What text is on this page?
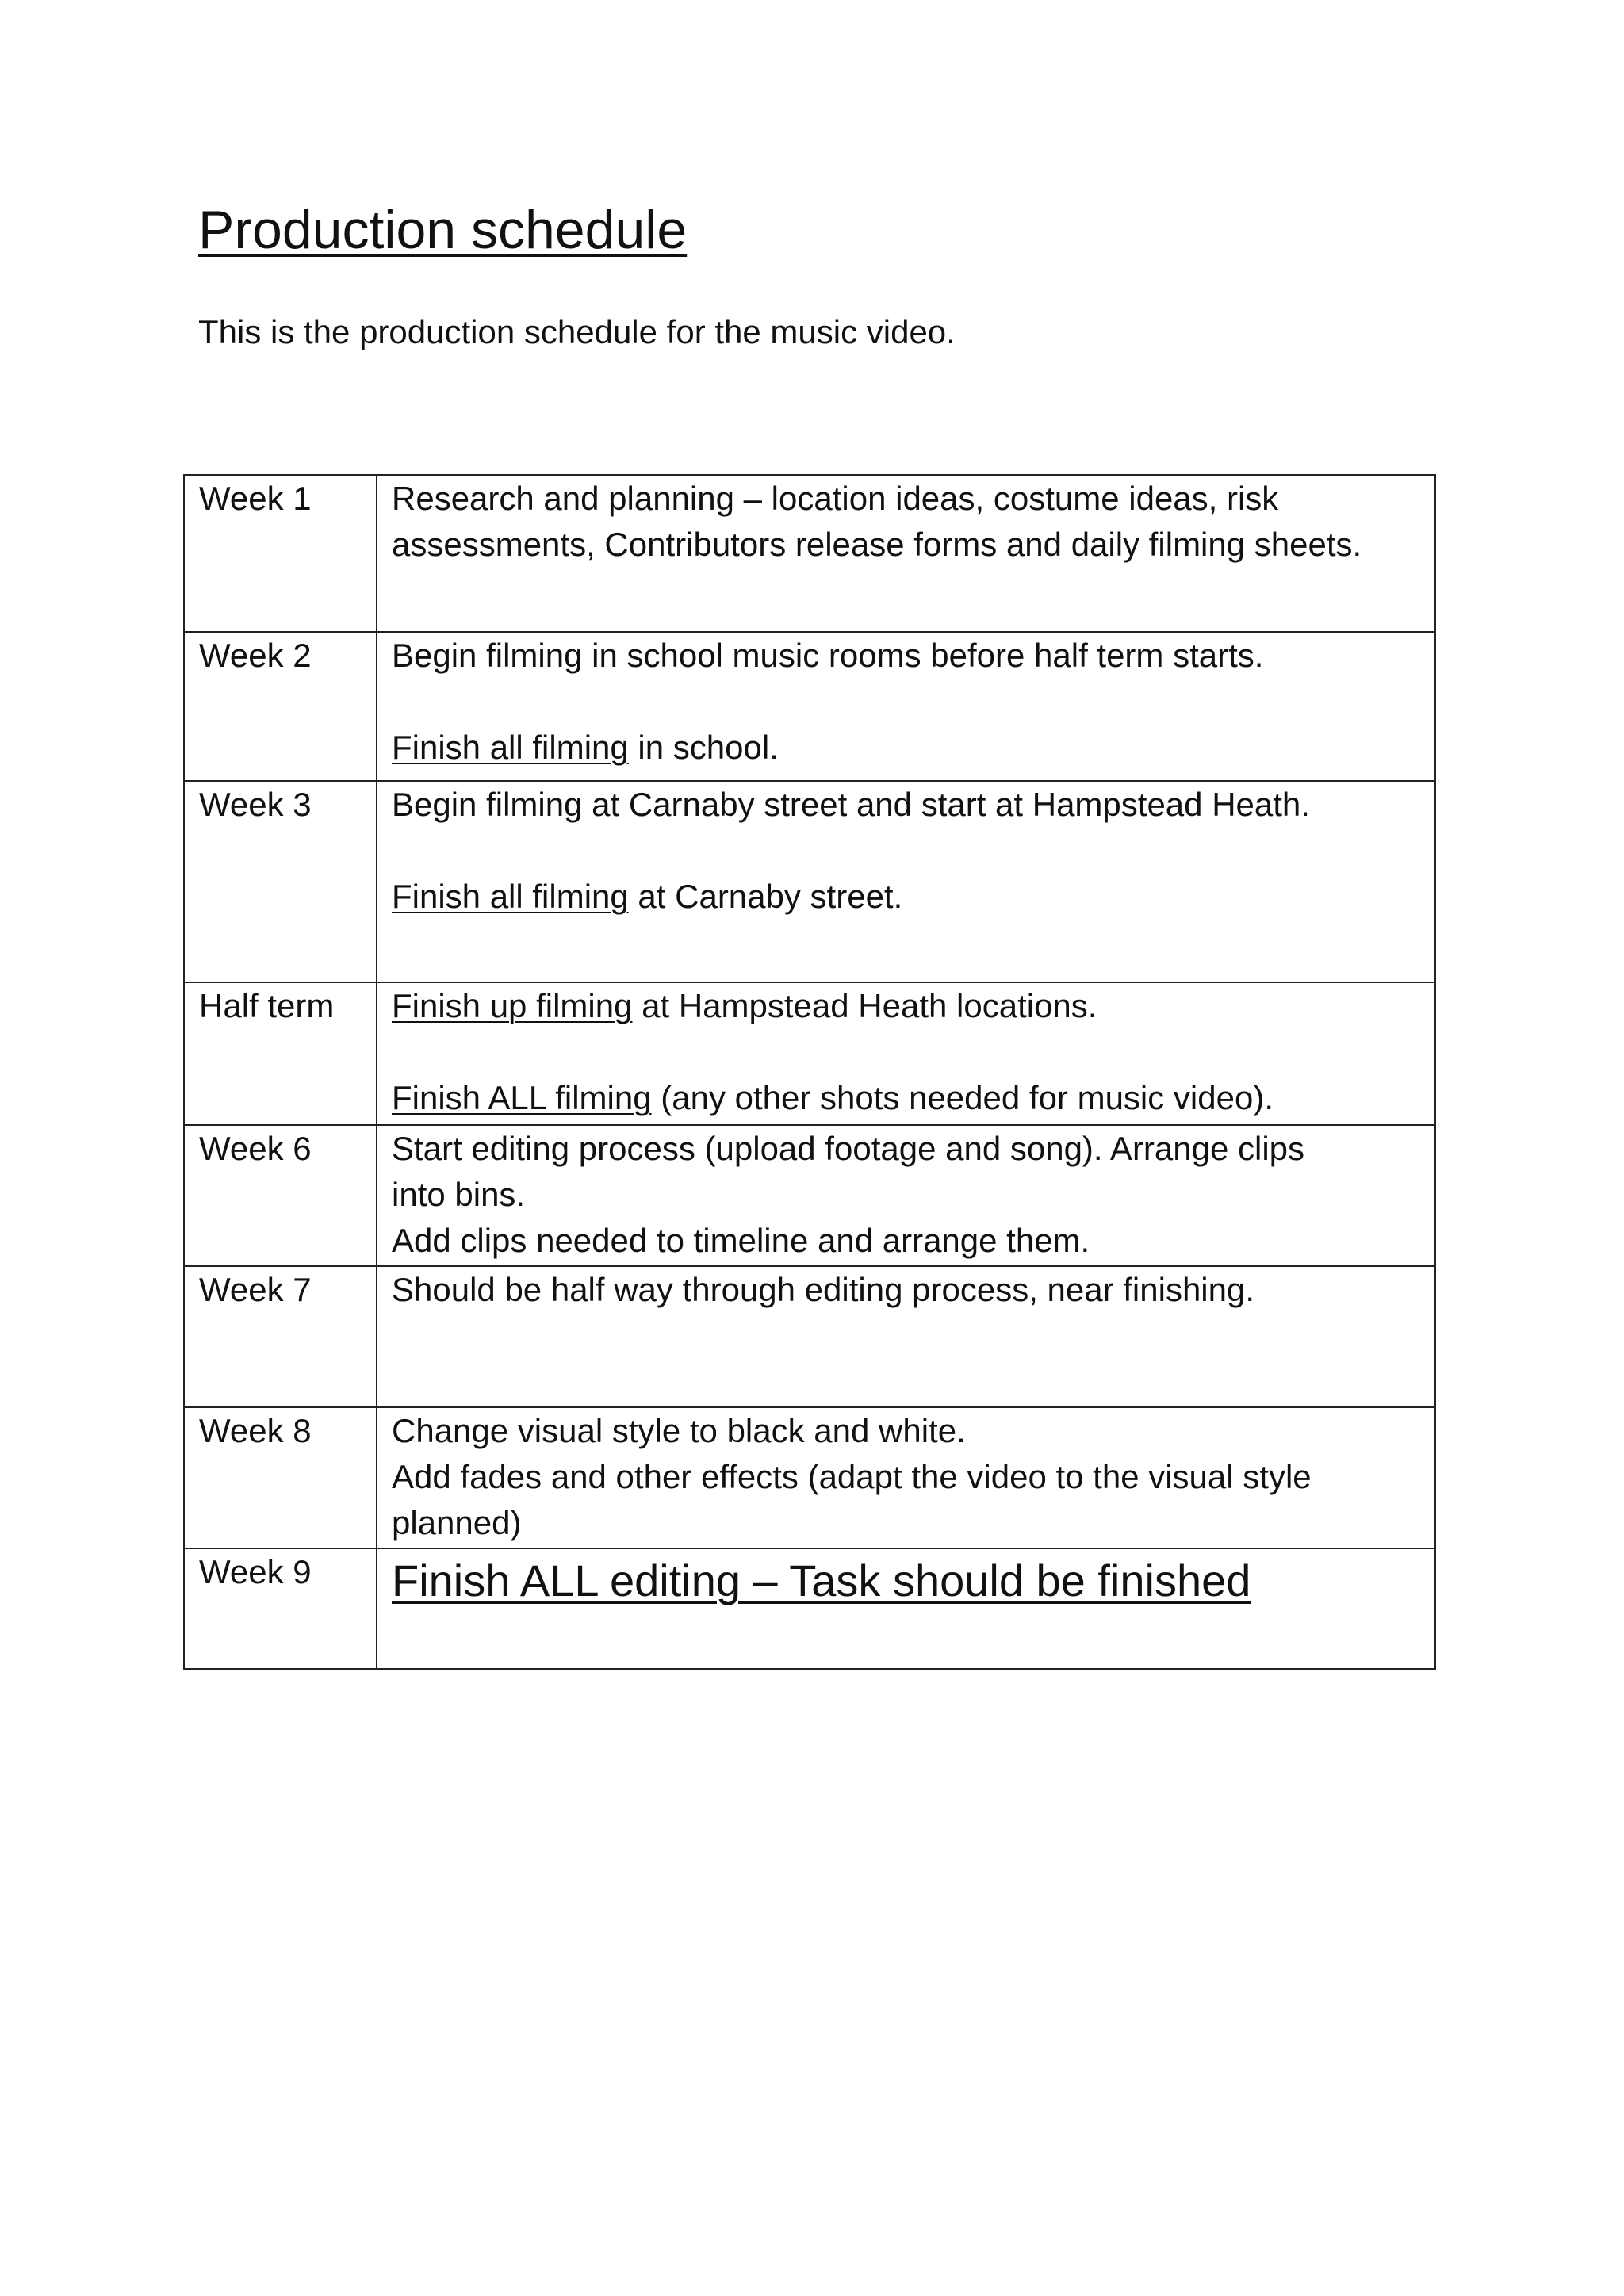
Production schedule

This is the production schedule for the music video.

Week 1	Research and planning – location ideas, costume ideas, risk
assessments, Contributors release forms and daily filming sheets.

Week 2	Begin filming in school music rooms before half term starts.
Finish all filming in school.

Week 3	Begin filming at Carnaby street and start at Hampstead Heath.
Finish all filming at Carnaby street.

Half term	Finish up filming at Hampstead Heath locations.
Finish ALL filming (any other shots needed for music video).

Week 6	Start editing process (upload footage and song). Arrange clips
into bins.
Add clips needed to timeline and arrange them.

Week 7	Should be half way through editing process, near finishing.

Week 8	Change visual style to black and white.
Add fades and other effects (adapt the video to the visual style
planned)

Week 9	Finish ALL editing – Task should be finished
